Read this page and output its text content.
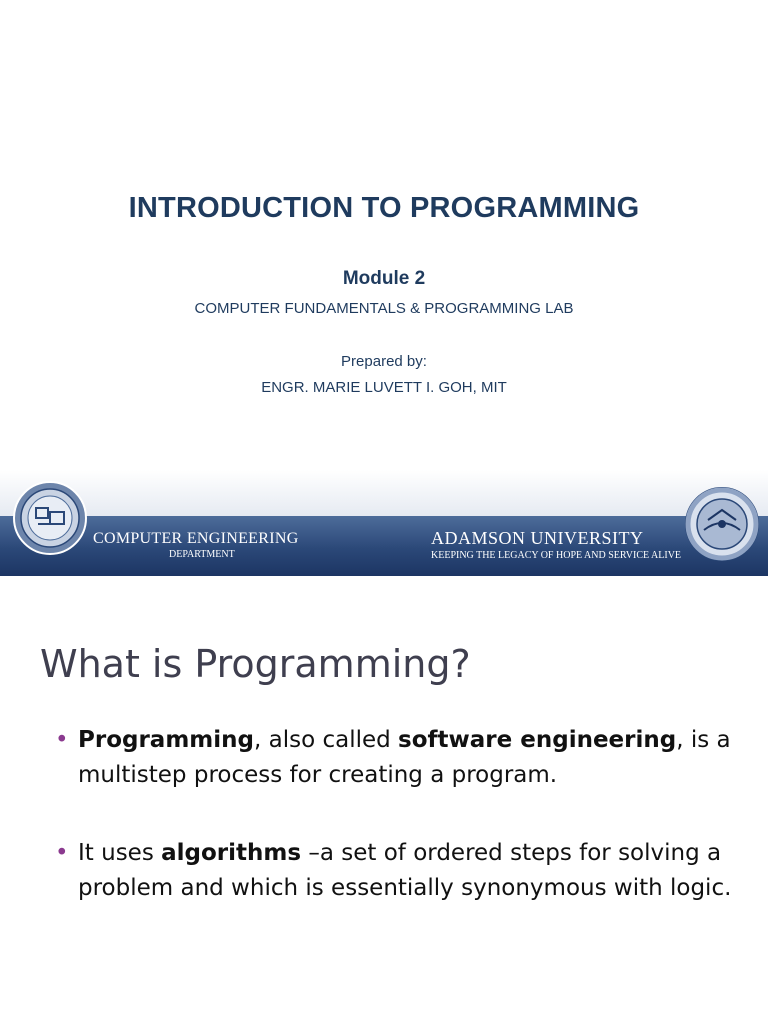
INTRODUCTION TO PROGRAMMING
Module 2
COMPUTER FUNDAMENTALS & PROGRAMMING LAB
Prepared by:
ENGR. MARIE LUVETT I. GOH, MIT
COMPUTER ENGINEERING
DEPARTMENT
ADAMSON UNIVERSITY
KEEPING THE LEGACY OF HOPE AND SERVICE ALIVE
What is Programming?
• Programming, also called software engineering, is a multistep process for creating a program.
• It uses algorithms –a set of ordered steps for solving a problem and which is essentially synonymous with logic.
